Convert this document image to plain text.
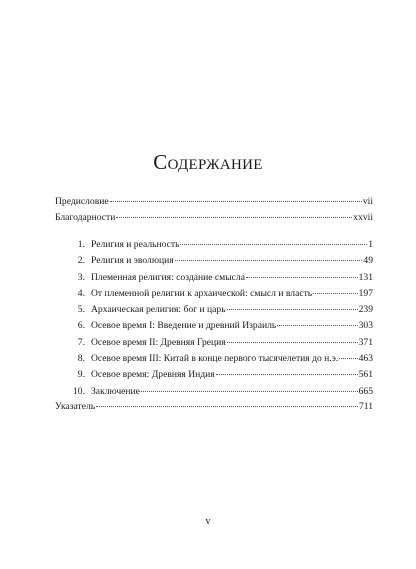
Содержание
Предисловие	vii
Благодарности	xxvii
1. Религия и реальность	1
2. Религия и эволюция	49
3. Племенная религия: создание смысла	131
4. От племенной религии к архаической: смысл и власть	197
5. Архаическая религия: бог и царь	239
6. Осевое время I: Введение и древний Израиль	303
7. Осевое время II: Древняя Греция	371
8. Осевое время III: Китай в конце первого тысячелетия до н.э. 463
9. Осевое время: Древняя Индия	561
10. Заключение	665
Указатель	711
v
